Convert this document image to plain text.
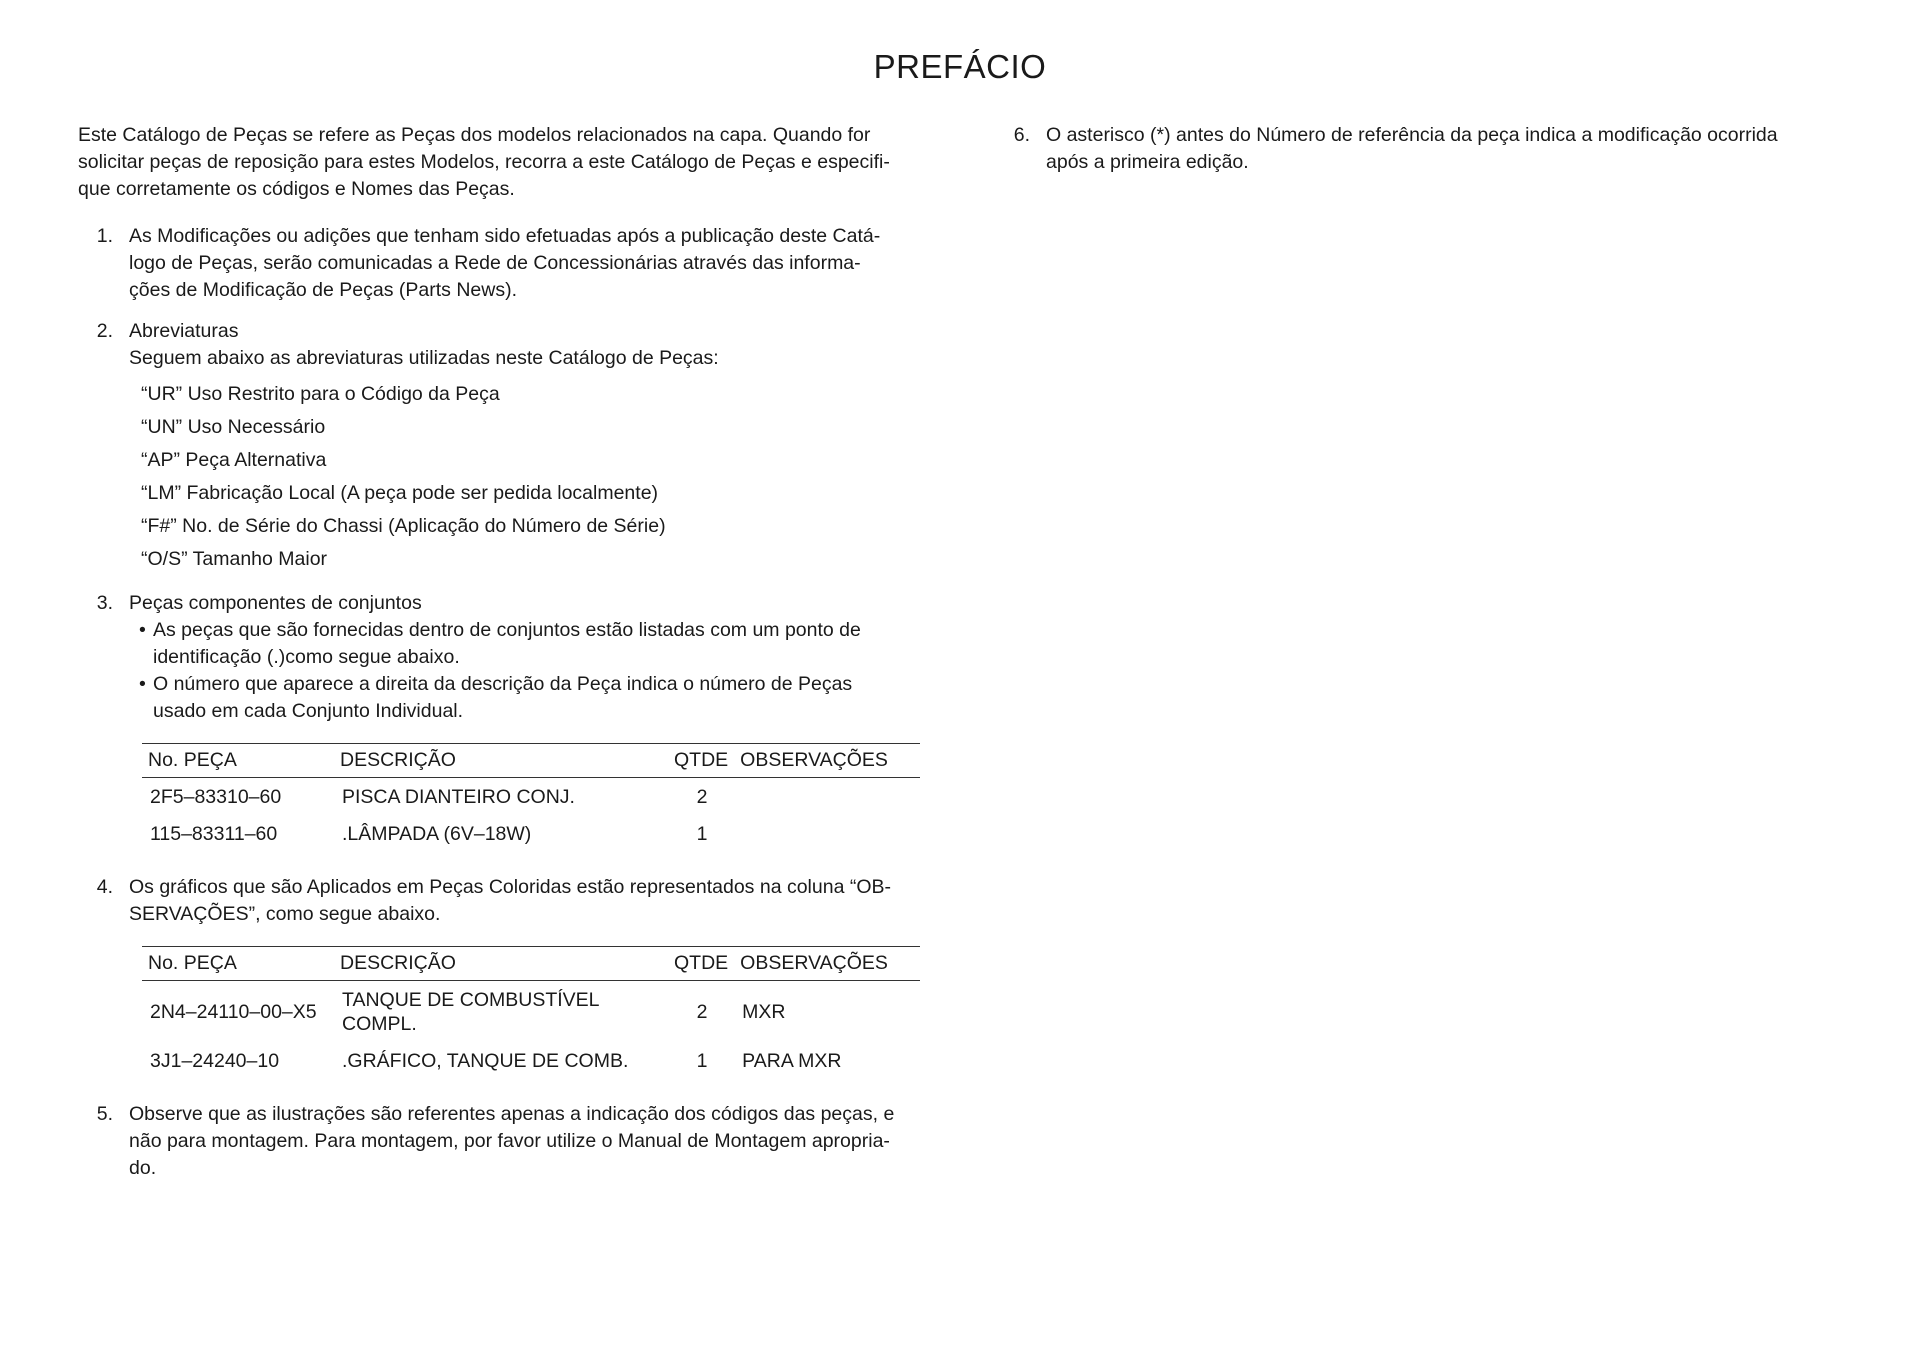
PREFÁCIO

Este Catálogo de Peças se refere as Peças dos modelos relacionados na capa. Quando for

solicitar peças de reposição para estes Modelos, recorra a este Catálogo de Peças e especifi-

que corretamente os códigos e Nomes das Peças.

1. As Modificações ou adições que tenham sido efetuadas após a publicação deste Catá-

logo de Peças, serão comunicadas a Rede de Concessionárias através das informa-

ções de Modificação de Peças (Parts News).

2. Abreviaturas

Seguem abaixo as abreviaturas utilizadas neste Catálogo de Peças:

“UR” Uso Restrito para o Código da Peça

“UN” Uso Necessário

“AP” Peça Alternativa

“LM” Fabricação Local (A peça pode ser pedida localmente)

“F#” No. de Série do Chassi (Aplicação do Número de Série)

“O/S” Tamanho Maior

3. Peças componentes de conjuntos

• As peças que são fornecidas dentro de conjuntos estão listadas com um ponto de

identificação (.)como segue abaixo.

• O número que aparece a direita da descrição da Peça indica o número de Peças

usado em cada Conjunto Individual.

No. PEÇA	DESCRIÇÃO	QTDE	OBSERVAÇÕES
2F5–83310–60	PISCA DIANTEIRO CONJ.	2	
115–83311–60	.LÂMPADA (6V–18W)	1	
4. Os gráficos que são Aplicados em Peças Coloridas estão representados na coluna “OB-

SERVAÇÕES”, como segue abaixo.

No. PEÇA	DESCRIÇÃO	QTDE	OBSERVAÇÕES
2N4–24110–00–X5	TANQUE DE COMBUSTÍVEL COMPL.	2	MXR
3J1–24240–10	.GRÁFICO, TANQUE DE COMB.	1	PARA MXR
5. Observe que as ilustrações são referentes apenas a indicação dos códigos das peças, e

não para montagem. Para montagem, por favor utilize o Manual de Montagem apropria-

do.

6. O asterisco (*) antes do Número de referência da peça indica a modificação ocorrida

após a primeira edição.
